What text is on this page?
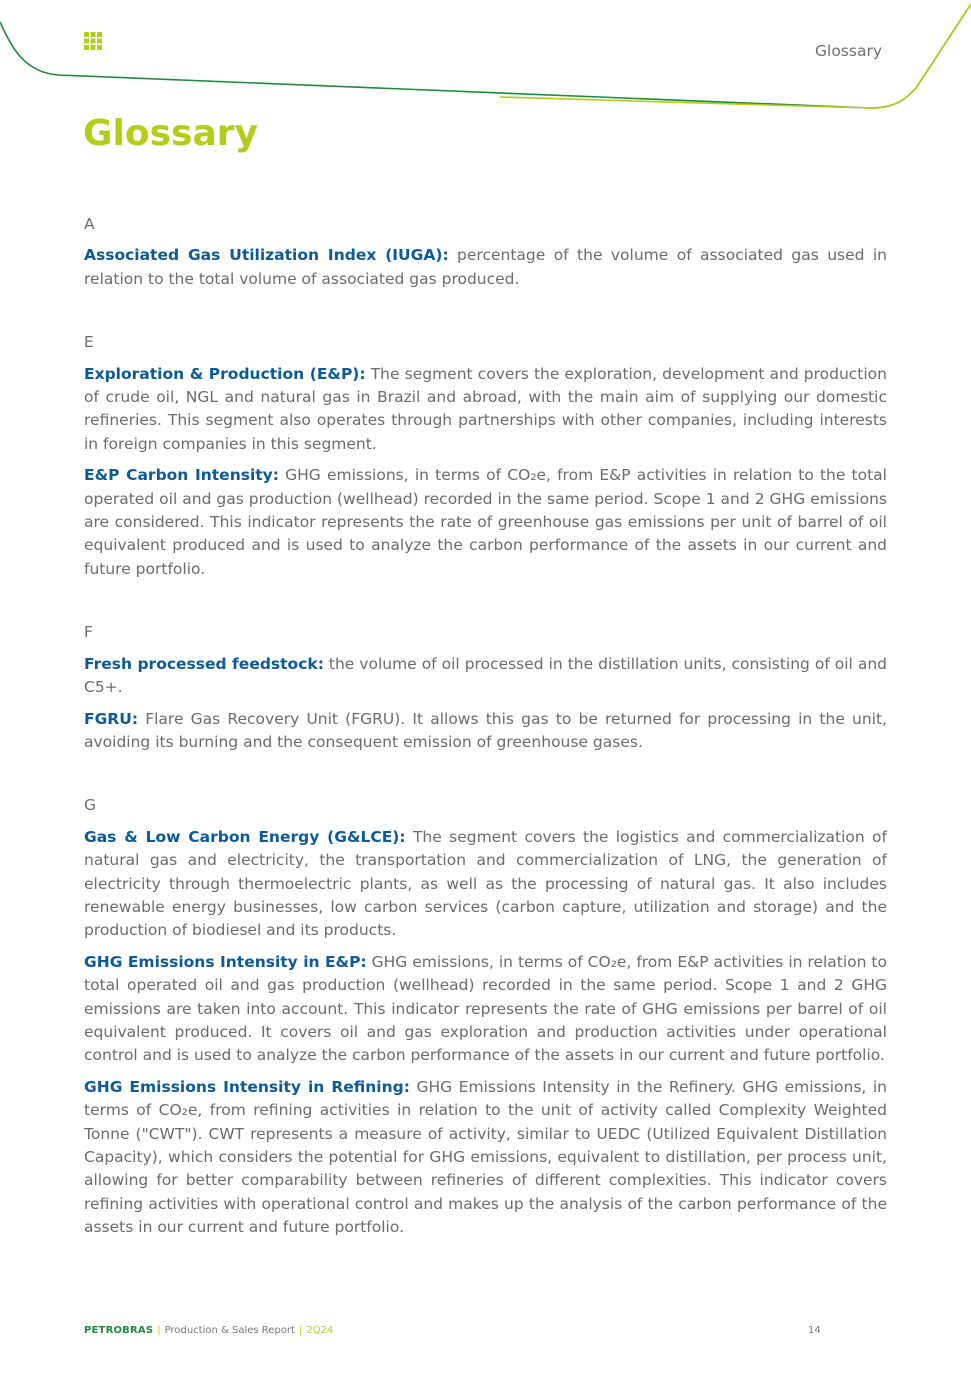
Glossary
Glossary

A

Associated Gas Utilization Index (IUGA): percentage of the volume of associated gas used in relation to the total volume of associated gas produced.

E

Exploration & Production (E&P): The segment covers the exploration, development and production of crude oil, NGL and natural gas in Brazil and abroad, with the main aim of supplying our domestic refineries. This segment also operates through partnerships with other companies, including interests in foreign companies in this segment.

E&P Carbon Intensity: GHG emissions, in terms of CO₂e, from E&P activities in relation to the total operated oil and gas production (wellhead) recorded in the same period. Scope 1 and 2 GHG emissions are considered. This indicator represents the rate of greenhouse gas emissions per unit of barrel of oil equivalent produced and is used to analyze the carbon performance of the assets in our current and future portfolio.

F

Fresh processed feedstock: the volume of oil processed in the distillation units, consisting of oil and C5+.

FGRU: Flare Gas Recovery Unit (FGRU). It allows this gas to be returned for processing in the unit, avoiding its burning and the consequent emission of greenhouse gases.

G

Gas & Low Carbon Energy (G&LCE): The segment covers the logistics and commercialization of natural gas and electricity, the transportation and commercialization of LNG, the generation of electricity through thermoelectric plants, as well as the processing of natural gas. It also includes renewable energy businesses, low carbon services (carbon capture, utilization and storage) and the production of biodiesel and its products.

GHG Emissions Intensity in E&P: GHG emissions, in terms of CO₂e, from E&P activities in relation to total operated oil and gas production (wellhead) recorded in the same period. Scope 1 and 2 GHG emissions are taken into account. This indicator represents the rate of GHG emissions per barrel of oil equivalent produced. It covers oil and gas exploration and production activities under operational control and is used to analyze the carbon performance of the assets in our current and future portfolio.

GHG Emissions Intensity in Refining: GHG Emissions Intensity in the Refinery. GHG emissions, in terms of CO₂e, from refining activities in relation to the unit of activity called Complexity Weighted Tonne ("CWT"). CWT represents a measure of activity, similar to UEDC (Utilized Equivalent Distillation Capacity), which considers the potential for GHG emissions, equivalent to distillation, per process unit, allowing for better comparability between refineries of different complexities. This indicator covers refining activities with operational control and makes up the analysis of the carbon performance of the assets in our current and future portfolio.

PETROBRAS | Production & Sales Report | 2Q24	14
